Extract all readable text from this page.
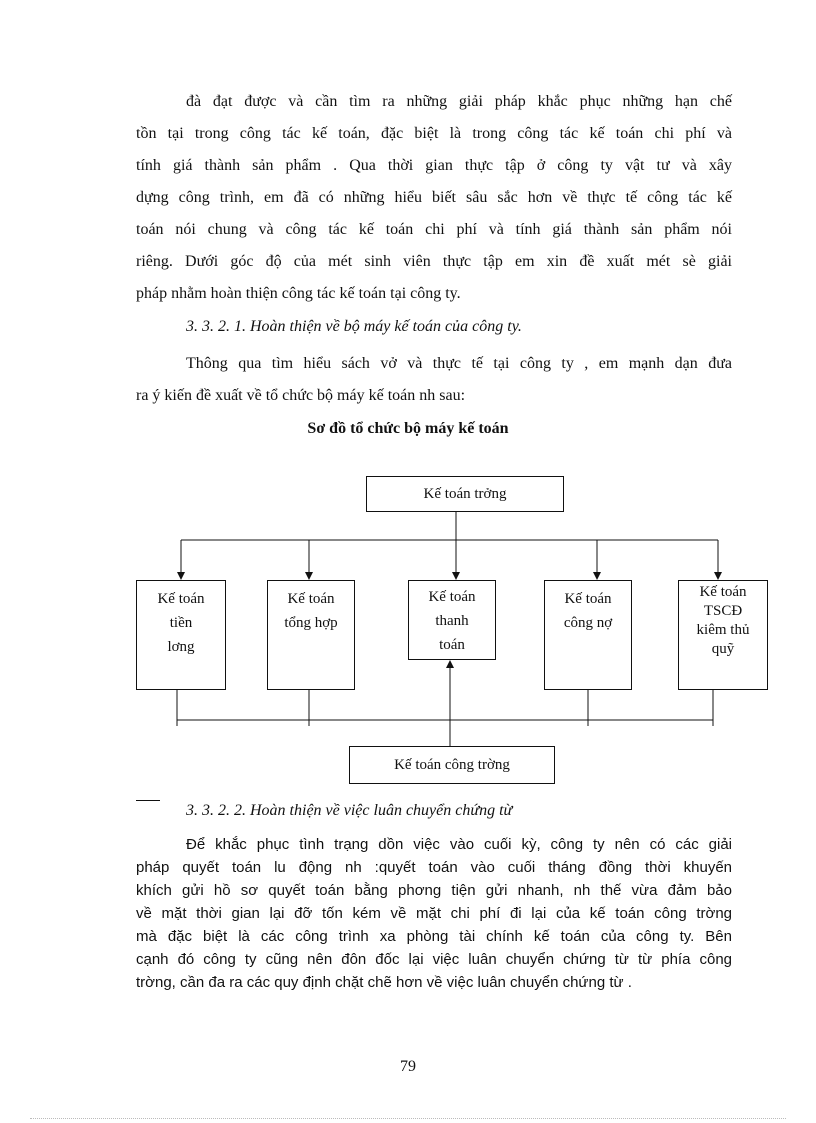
đà đạt được và cần tìm ra những giải pháp khắc phục những hạn chế
tồn tại trong công tác kế toán, đặc biệt là trong công tác kế toán chi phí và
tính giá thành sản phẩm . Qua thời gian thực tập ở công ty vật tư và xây
dựng công trình, em đã có những hiểu biết sâu sắc hơn về thực tế công tác kế
toán nói chung và công tác kế toán chi phí và tính giá thành sản phẩm nói
riêng. Dưới góc độ của mét sinh viên thực tập em xin đề xuất mét sè giải
pháp nhằm hoàn thiện công tác kế toán tại công ty.

3. 3. 2. 1. Hoàn thiện về bộ máy kế toán của công ty.

Thông qua tìm hiểu sách vở và thực tế tại công ty , em mạnh dạn đưa
ra ý kiến đề xuất về tổ chức bộ máy kế toán nh sau:
Sơ đồ tổ chức bộ máy kế toán
Kế toán trởng
Kế toán
tiền
lơng
Kế toán
tổng hợp
Kế toán
thanh
toán
Kế toán
công nợ
Kế toán
TSCĐ
kiêm thủ
quỹ
Kế toán công trờng

3. 3. 2. 2. Hoàn thiện về việc luân chuyển chứng từ

Để khắc phục tình trạng dồn việc vào cuối kỳ, công ty nên có các giải
pháp quyết toán lu động nh :quyết toán vào cuối tháng đồng thời khuyến
khích gửi hồ sơ quyết toán bằng phơng tiện gửi nhanh, nh thế vừa đảm bảo
về mặt thời gian lại đỡ tốn kém về mặt chi phí đi lại của kế toán công trờng
mà đặc biệt là các công trình xa phòng tài chính kế toán của công ty. Bên
cạnh đó công ty cũng nên đôn đốc lại việc luân chuyển chứng từ từ phía công
trờng, cần đa ra các quy định chặt chẽ hơn về việc luân chuyển chứng từ .
79
